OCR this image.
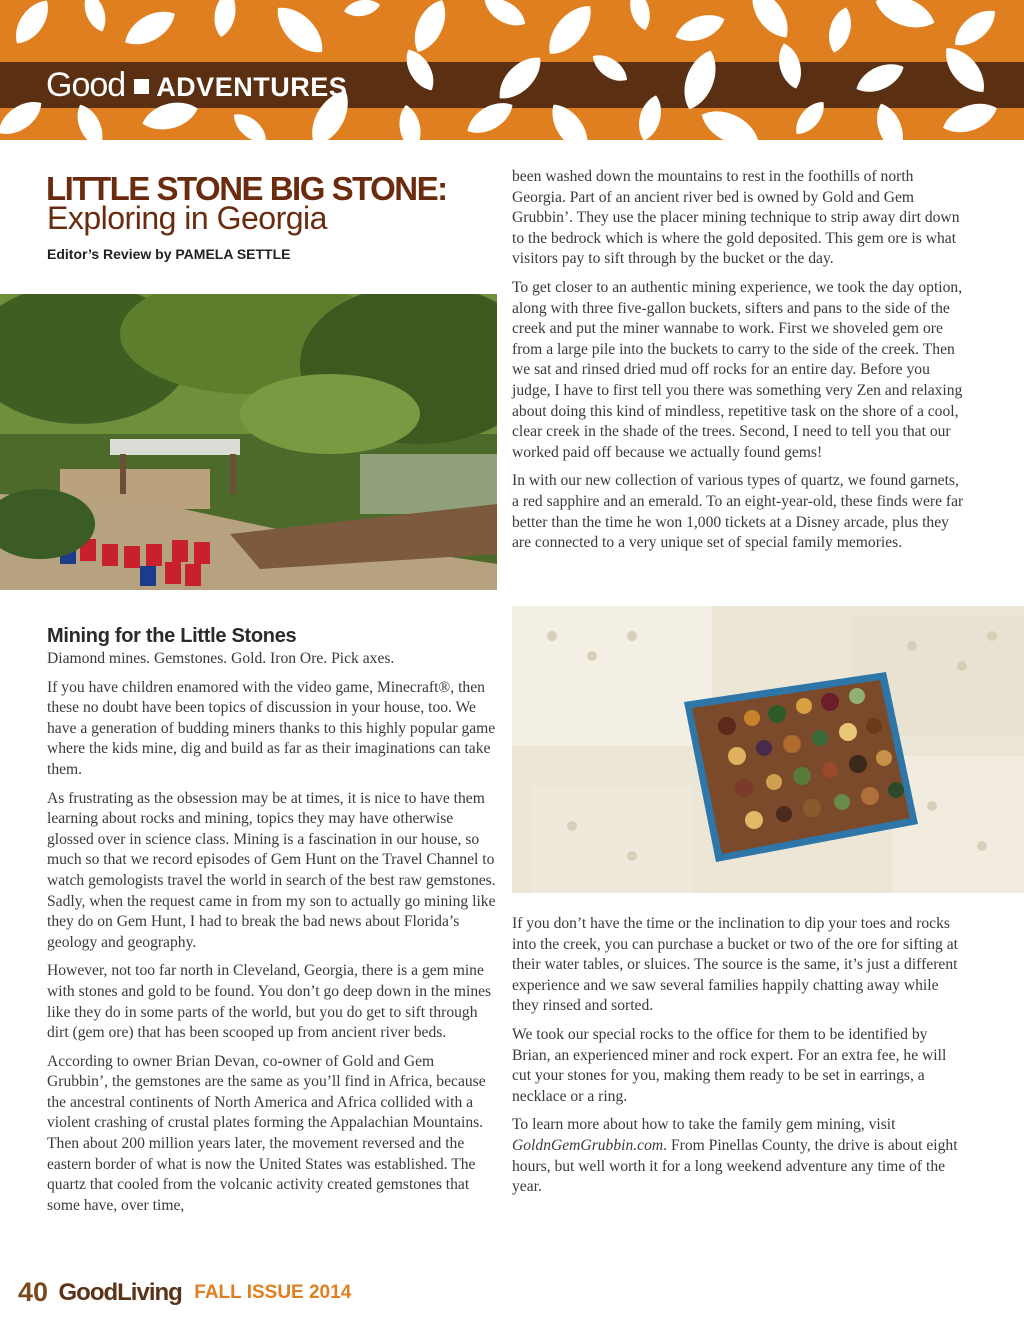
Good ADVENTURES
LITTLE STONE BIG STONE:
Exploring in Georgia
Editor’s Review by PAMELA SETTLE
Mining for the Little Stones

Diamond mines. Gemstones. Gold. Iron Ore. Pick axes.

If you have children enamored with the video game, Minecraft®, then these no doubt have been topics of discussion in your house, too. We have a generation of budding miners thanks to this highly popular game where the kids mine, dig and build as far as their imaginations can take them.

As frustrating as the obsession may be at times, it is nice to have them learning about rocks and mining, topics they may have otherwise glossed over in science class. Mining is a fascination in our house, so much so that we record episodes of Gem Hunt on the Travel Channel to watch gemologists travel the world in search of the best raw gemstones. Sadly, when the request came in from my son to actually go mining like they do on Gem Hunt, I had to break the bad news about Florida’s geology and geography.

However, not too far north in Cleveland, Georgia, there is a gem mine with stones and gold to be found. You don’t go deep down in the mines like they do in some parts of the world, but you do get to sift through dirt (gem ore) that has been scooped up from ancient river beds.

According to owner Brian Devan, co-owner of Gold and Gem Grubbin’, the gemstones are the same as you’ll find in Africa, because the ancestral continents of North America and Africa collided with a violent crashing of crustal plates forming the Appalachian Mountains. Then about 200 million years later, the movement reversed and the eastern border of what is now the United States was established. The quartz that cooled from the volcanic activity created gemstones that some have, over time,

been washed down the mountains to rest in the foothills of north Georgia. Part of an ancient river bed is owned by Gold and Gem Grubbin’. They use the placer mining technique to strip away dirt down to the bedrock which is where the gold deposited. This gem ore is what visitors pay to sift through by the bucket or the day.

To get closer to an authentic mining experience, we took the day option, along with three five-gallon buckets, sifters and pans to the side of the creek and put the miner wannabe to work. First we shoveled gem ore from a large pile into the buckets to carry to the side of the creek. Then we sat and rinsed dried mud off rocks for an entire day. Before you judge, I have to first tell you there was something very Zen and relaxing about doing this kind of mindless, repetitive task on the shore of a cool, clear creek in the shade of the trees. Second, I need to tell you that our worked paid off because we actually found gems!

In with our new collection of various types of quartz, we found garnets, a red sapphire and an emerald. To an eight-year-old, these finds were far better than the time he won 1,000 tickets at a Disney arcade, plus they are connected to a very unique set of special family memories.

If you don’t have the time or the inclination to dip your toes and rocks into the creek, you can purchase a bucket or two of the ore for sifting at their water tables, or sluices. The source is the same, it’s just a different experience and we saw several families happily chatting away while they rinsed and sorted.

We took our special rocks to the office for them to be identified by Brian, an experienced miner and rock expert. For an extra fee, he will cut your stones for you, making them ready to be set in earrings, a necklace or a ring.

To learn more about how to take the family gem mining, visit GoldnGemGrubbin.com. From Pinellas County, the drive is about eight hours, but well worth it for a long weekend adventure any time of the year.

40 GoodLiving FALL ISSUE 2014
